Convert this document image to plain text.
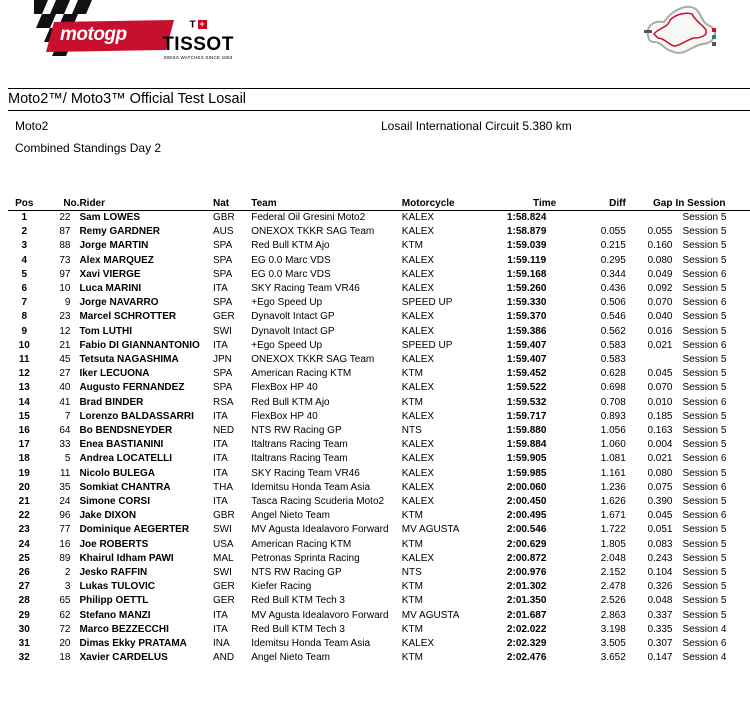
motogp	T +
TISSOT
SWISS WATCHES SINCE 1853
Moto2™/ Moto3™ Official Test Losail
Moto2	Losail International Circuit 5.380 km
Combined Standings Day 2
Pos	No.	Rider	Nat	Team	Motorcycle	Time	Diff	Gap	In Session
1	22	Sam LOWES	GBR	Federal Oil Gresini Moto2	KALEX	1:58.824			Session 5
2	87	Remy GARDNER	AUS	ONEXOX TKKR SAG Team	KALEX	1:58.879	0.055	0.055	Session 5
3	88	Jorge MARTIN	SPA	Red Bull KTM Ajo	KTM	1:59.039	0.215	0.160	Session 5
4	73	Alex MARQUEZ	SPA	EG 0.0 Marc VDS	KALEX	1:59.119	0.295	0.080	Session 5
5	97	Xavi VIERGE	SPA	EG 0.0 Marc VDS	KALEX	1:59.168	0.344	0.049	Session 6
6	10	Luca MARINI	ITA	SKY Racing Team VR46	KALEX	1:59.260	0.436	0.092	Session 5
7	9	Jorge NAVARRO	SPA	+Ego Speed Up	SPEED UP	1:59.330	0.506	0.070	Session 6
8	23	Marcel SCHROTTER	GER	Dynavolt Intact GP	KALEX	1:59.370	0.546	0.040	Session 5
9	12	Tom LUTHI	SWI	Dynavolt Intact GP	KALEX	1:59.386	0.562	0.016	Session 5
10	21	Fabio DI GIANNANTONIO	ITA	+Ego Speed Up	SPEED UP	1:59.407	0.583	0.021	Session 6
11	45	Tetsuta NAGASHIMA	JPN	ONEXOX TKKR SAG Team	KALEX	1:59.407	0.583		Session 5
12	27	Iker LECUONA	SPA	American Racing KTM	KTM	1:59.452	0.628	0.045	Session 5
13	40	Augusto FERNANDEZ	SPA	FlexBox HP 40	KALEX	1:59.522	0.698	0.070	Session 5
14	41	Brad BINDER	RSA	Red Bull KTM Ajo	KTM	1:59.532	0.708	0.010	Session 6
15	7	Lorenzo BALDASSARRI	ITA	FlexBox HP 40	KALEX	1:59.717	0.893	0.185	Session 5
16	64	Bo BENDSNEYDER	NED	NTS RW Racing GP	NTS	1:59.880	1.056	0.163	Session 5
17	33	Enea BASTIANINI	ITA	Italtrans Racing Team	KALEX	1:59.884	1.060	0.004	Session 5
18	5	Andrea LOCATELLI	ITA	Italtrans Racing Team	KALEX	1:59.905	1.081	0.021	Session 6
19	11	Nicolo BULEGA	ITA	SKY Racing Team VR46	KALEX	1:59.985	1.161	0.080	Session 5
20	35	Somkiat CHANTRA	THA	Idemitsu Honda Team Asia	KALEX	2:00.060	1.236	0.075	Session 6
21	24	Simone CORSI	ITA	Tasca Racing Scuderia Moto2	KALEX	2:00.450	1.626	0.390	Session 5
22	96	Jake DIXON	GBR	Angel Nieto Team	KTM	2:00.495	1.671	0.045	Session 6
23	77	Dominique AEGERTER	SWI	MV Agusta Idealavoro Forward	MV AGUSTA	2:00.546	1.722	0.051	Session 5
24	16	Joe ROBERTS	USA	American Racing KTM	KTM	2:00.629	1.805	0.083	Session 5
25	89	Khairul Idham PAWI	MAL	Petronas Sprinta Racing	KALEX	2:00.872	2.048	0.243	Session 5
26	2	Jesko RAFFIN	SWI	NTS RW Racing GP	NTS	2:00.976	2.152	0.104	Session 5
27	3	Lukas TULOVIC	GER	Kiefer Racing	KTM	2:01.302	2.478	0.326	Session 5
28	65	Philipp OETTL	GER	Red Bull KTM Tech 3	KTM	2:01.350	2.526	0.048	Session 5
29	62	Stefano MANZI	ITA	MV Agusta Idealavoro Forward	MV AGUSTA	2:01.687	2.863	0.337	Session 5
30	72	Marco BEZZECCHI	ITA	Red Bull KTM Tech 3	KTM	2:02.022	3.198	0.335	Session 4
31	20	Dimas Ekky PRATAMA	INA	Idemitsu Honda Team Asia	KALEX	2:02.329	3.505	0.307	Session 6
32	18	Xavier CARDELUS	AND	Angel Nieto Team	KTM	2:02.476	3.652	0.147	Session 4
